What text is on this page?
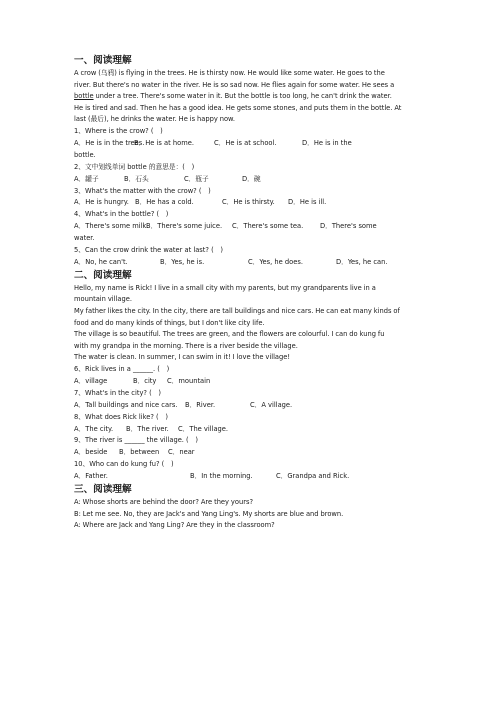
一、阅读理解

A crow (乌鸦) is flying in the trees. He is thirsty now. He would like some water. He goes to the

river. But there's no water in the river. He is so sad now. He flies again for some water. He sees a

bottle under a tree. There's some water in it. But the bottle is too long, he can't drink the water.

He is tired and sad. Then he has a good idea. He gets some stones, and puts them in the bottle. At

last (最后), he drinks the water. He is happy now.

1、Where is the crow? (　)

A．He is in the trees.B．He is at home.	C．He is at school.	D．He is in the

bottle.

2、文中划线单词 bottle 的意思是：(　)

A．罐子	B．石头	C．瓶子	D．碗

3、What's the matter with the crow? (　)

A．He is hungry. B．He has a cold.	C．He is thirsty. D．He is ill.

4、What's in the bottle? (　)

A．There's some milk.B．There's some juice. C．There's some tea. D．There's some

water.

5、Can the crow drink the water at last? (　)

A．No, he can't.	B．Yes, he is.	C．Yes, he does.	D．Yes, he can.

二、阅读理解

Hello, my name is Rick! I live in a small city with my parents, but my grandparents live in a

mountain village.

My father likes the city. In the city, there are tall buildings and nice cars. He can eat many kinds of

food and do many kinds of things, but I don't like city life.

The village is so beautiful. The trees are green, and the flowers are colourful. I can do kung fu

with my grandpa in the morning. There is a river beside the village.

The water is clean. In summer, I can swim in it! I love the village!

6、Rick lives in a ______. (　)

A．village	B．city C．mountain

7、What's in the city? (　)

A．Tall buildings and nice cars. B．River.	C．A village.

8、What does Rick like? (　)

A．The city. B．The river. C．The village.

9、The river is ______ the village. (　)

A．beside B．between C．near

10、Who can do kung fu? (　)

A．Father.	B．In the morning.	C．Grandpa and Rick.

三、阅读理解

A: Whose shorts are behind the door? Are they yours?

B: Let me see. No, they are Jack's and Yang Ling's. My shorts are blue and brown.

A: Where are Jack and Yang Ling? Are they in the classroom?
